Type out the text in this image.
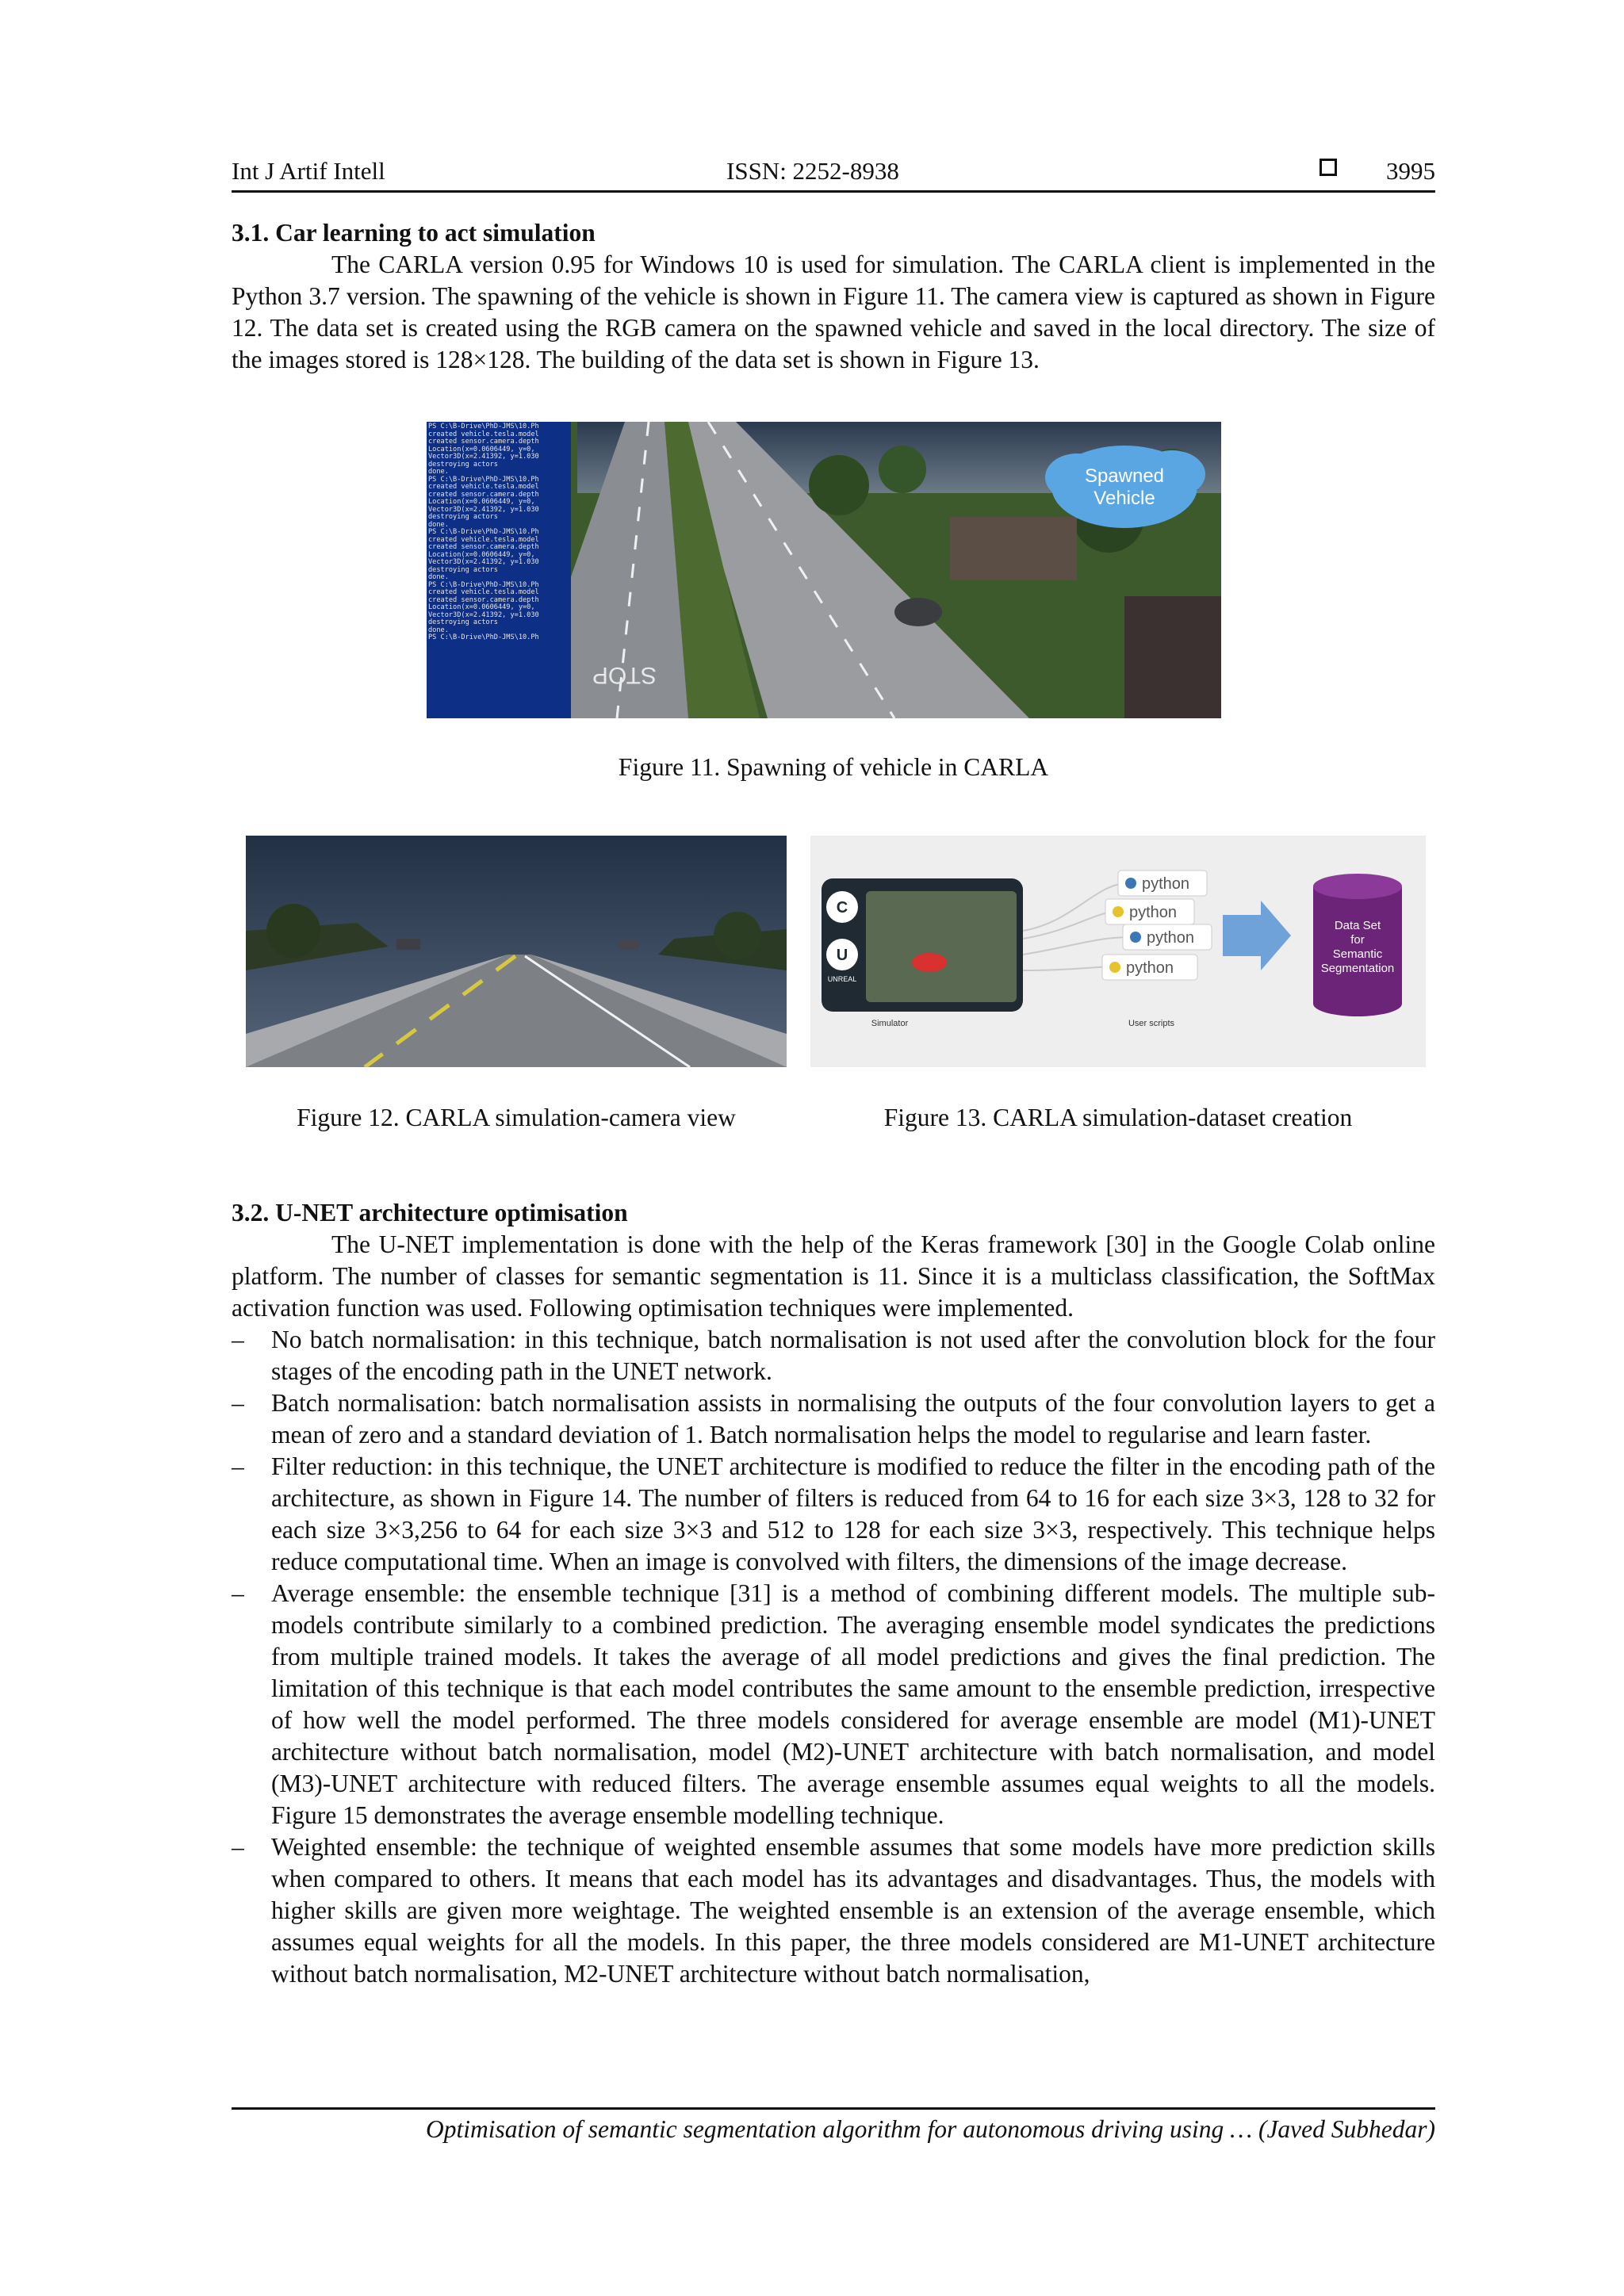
Int J Artif Intell	ISSN: 2252-8938	3995
3.1. Car learning to act simulation
The CARLA version 0.95 for Windows 10 is used for simulation. The CARLA client is implemented in the Python 3.7 version. The spawning of the vehicle is shown in Figure 11. The camera view is captured as shown in Figure 12. The data set is created using the RGB camera on the spawned vehicle and saved in the local directory. The size of the images stored is 128×128. The building of the data set is shown in Figure 13.
STOP
Spawned
Vehicle
PS C:\B-Drive\PhD-JMS\10.Ph
created vehicle.tesla.model
created sensor.camera.depth
Location(x=0.0606449, y=0,
Vector3D(x=2.41392, y=1.030
destroying actors
done.
PS C:\B-Drive\PhD-JMS\10.Ph
created vehicle.tesla.model
created sensor.camera.depth
Location(x=0.0606449, y=0,
Vector3D(x=2.41392, y=1.030
destroying actors
done.
PS C:\B-Drive\PhD-JMS\10.Ph
created vehicle.tesla.model
created sensor.camera.depth
Location(x=0.0606449, y=0,
Vector3D(x=2.41392, y=1.030
destroying actors
done.
PS C:\B-Drive\PhD-JMS\10.Ph
created vehicle.tesla.model
created sensor.camera.depth
Location(x=0.0606449, y=0,
Vector3D(x=2.41392, y=1.030
destroying actors
done.
PS C:\B-Drive\PhD-JMS\10.Ph
Figure 11. Spawning of vehicle in CARLA
Figure 12. CARLA simulation-camera view
C
U
UNREAL
Simulator
python
python
python
python
User scripts
Data Set
for
Semantic
Segmentation
Figure 13. CARLA simulation-dataset creation
3.2. U-NET architecture optimisation
The U-NET implementation is done with the help of the Keras framework [30] in the Google Colab online platform. The number of classes for semantic segmentation is 11. Since it is a multiclass classification, the SoftMax activation function was used. Following optimisation techniques were implemented.
– No batch normalisation: in this technique, batch normalisation is not used after the convolution block for the four stages of the encoding path in the UNET network.
– Batch normalisation: batch normalisation assists in normalising the outputs of the four convolution layers to get a mean of zero and a standard deviation of 1. Batch normalisation helps the model to regularise and learn faster.
– Filter reduction: in this technique, the UNET architecture is modified to reduce the filter in the encoding path of the architecture, as shown in Figure 14. The number of filters is reduced from 64 to 16 for each size 3×3, 128 to 32 for each size 3×3,256 to 64 for each size 3×3 and 512 to 128 for each size 3×3, respectively. This technique helps reduce computational time. When an image is convolved with filters, the dimensions of the image decrease.
– Average ensemble: the ensemble technique [31] is a method of combining different models. The multiple sub-models contribute similarly to a combined prediction. The averaging ensemble model syndicates the predictions from multiple trained models. It takes the average of all model predictions and gives the final prediction. The limitation of this technique is that each model contributes the same amount to the ensemble prediction, irrespective of how well the model performed. The three models considered for average ensemble are model (M1)-UNET architecture without batch normalisation, model (M2)-UNET architecture with batch normalisation, and model (M3)-UNET architecture with reduced filters. The average ensemble assumes equal weights to all the models. Figure 15 demonstrates the average ensemble modelling technique.
– Weighted ensemble: the technique of weighted ensemble assumes that some models have more prediction skills when compared to others. It means that each model has its advantages and disadvantages. Thus, the models with higher skills are given more weightage. The weighted ensemble is an extension of the average ensemble, which assumes equal weights for all the models. In this paper, the three models considered are M1-UNET architecture without batch normalisation, M2-UNET architecture without batch normalisation,
Optimisation of semantic segmentation algorithm for autonomous driving using … (Javed Subhedar)
